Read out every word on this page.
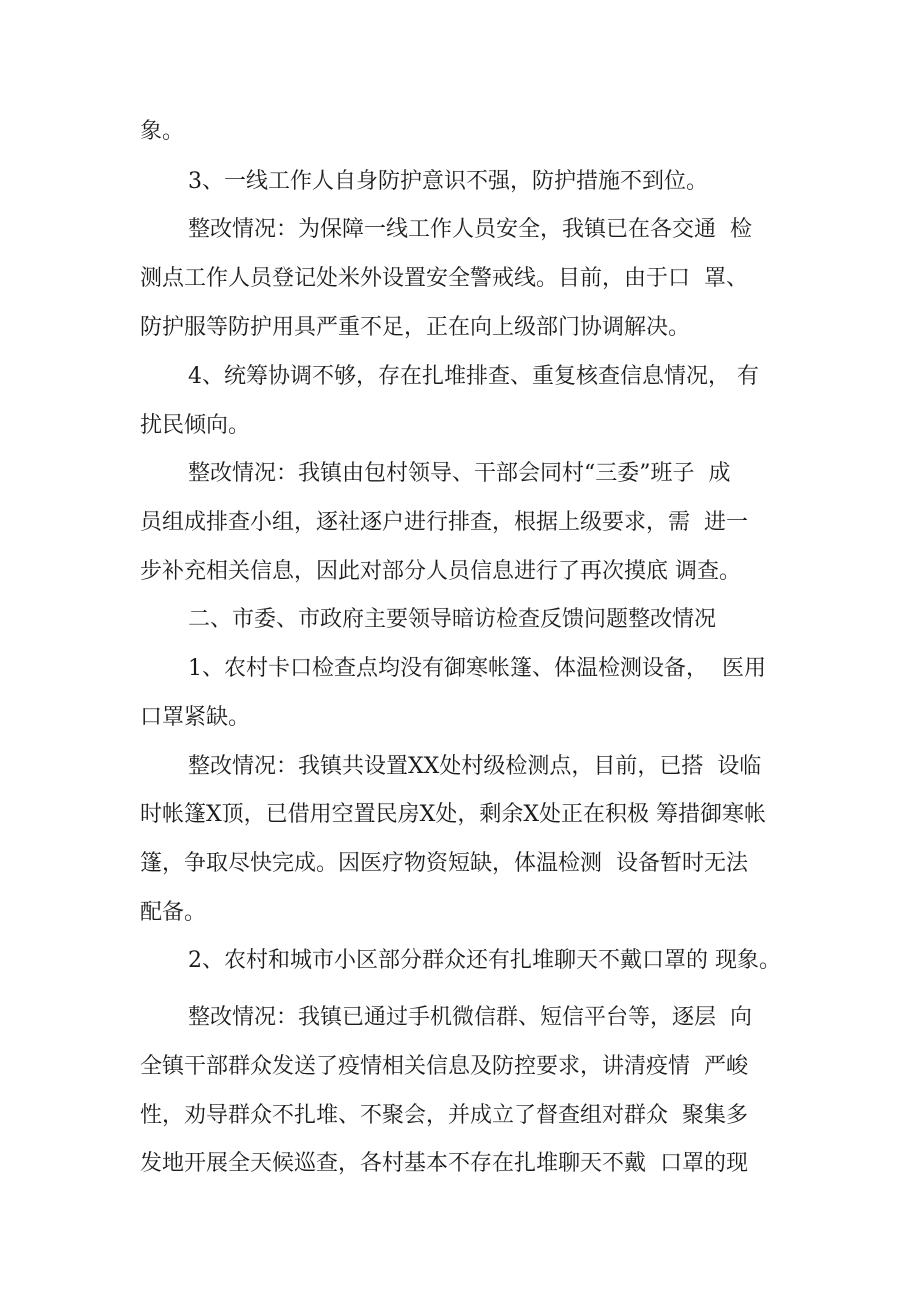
象。

3、一线工作人自身防护意识不强，防护措施不到位。

整改情况：为保障一线工作人员安全，我镇已在各交通  检

测点工作人员登记处米外设置安全警戒线。目前，由于口  罩、

防护服等防护用具严重不足，正在向上级部门协调解决。

4、统筹协调不够，存在扎堆排查、重复核查信息情况， 有

扰民倾向。

整改情况：我镇由包村领导、干部会同村“三委”班子  成

员组成排查小组，逐社逐户进行排查，根据上级要求，需  进一

步补充相关信息，因此对部分人员信息进行了再次摸底 调查。

二、市委、市政府主要领导暗访检查反馈问题整改情况

1、农村卡口检查点均没有御寒帐篷、体温检测设备，  医用

口罩紧缺。

整改情况：我镇共设置XX处村级检测点，目前，已搭  设临

时帐篷X顶，已借用空置民房X处，剩余X处正在积极 筹措御寒帐

篷，争取尽快完成。因医疗物资短缺，体温检测  设备暂时无法

配备。

2、农村和城市小区部分群众还有扎堆聊天不戴口罩的 现象。

整改情况：我镇已通过手机微信群、短信平台等，逐层  向

全镇干部群众发送了疫情相关信息及防控要求，讲清疫情  严峻

性，劝导群众不扎堆、不聚会，并成立了督查组对群众  聚集多

发地开展全天候巡查，各村基本不存在扎堆聊天不戴  口罩的现
